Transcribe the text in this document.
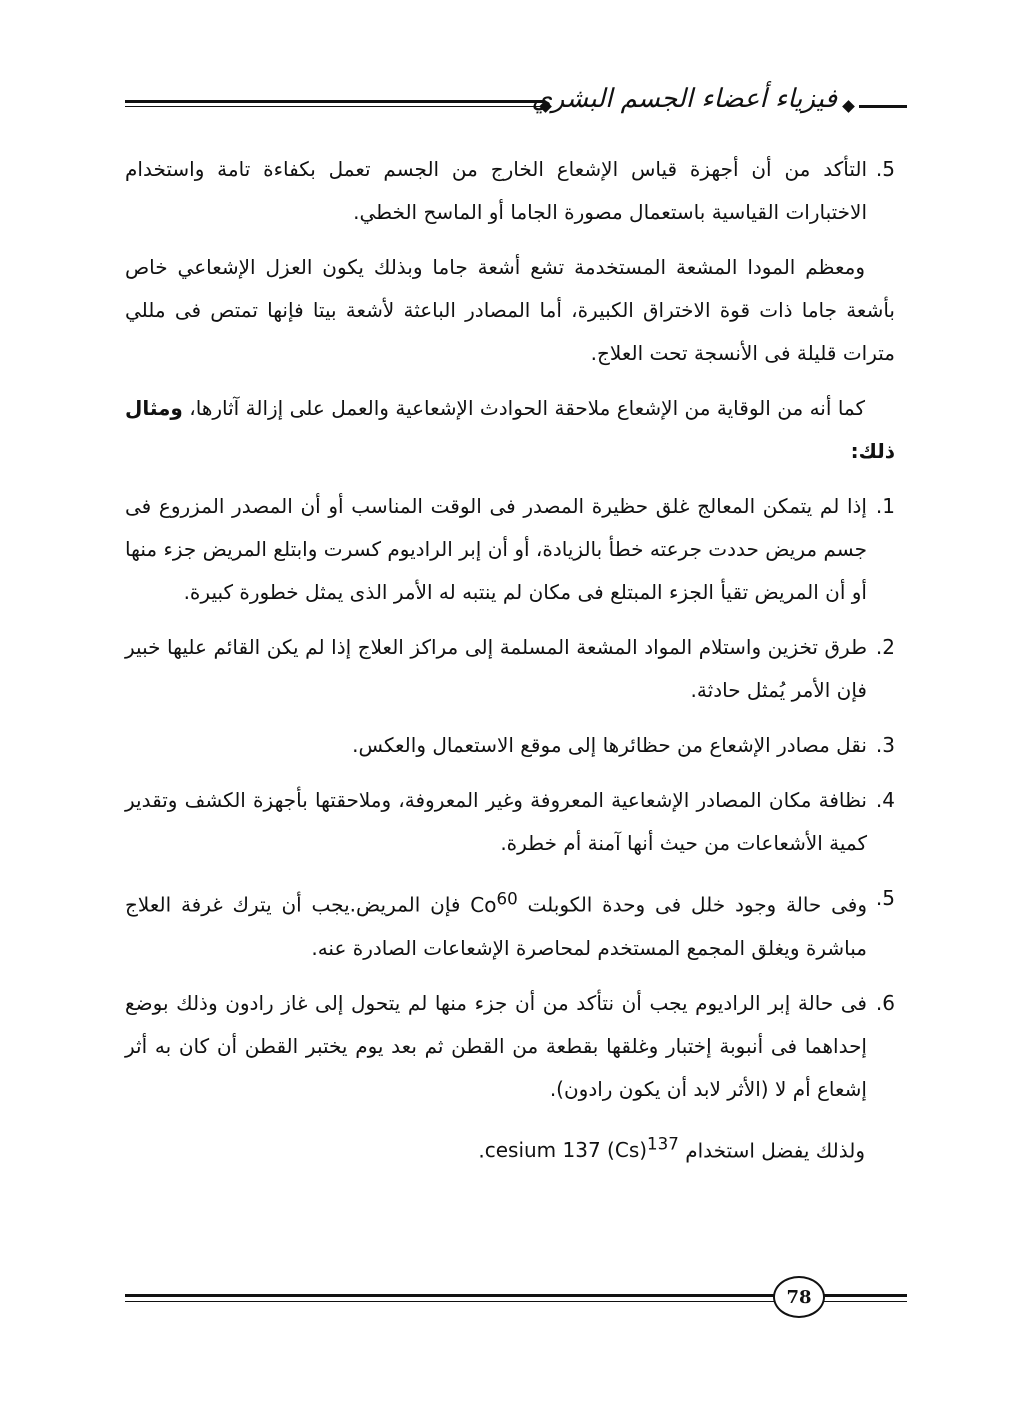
فيزياء أعضاء الجسم البشري
5.
التأكد من أن أجهزة قياس الإشعاع الخارج من الجسم تعمل بكفاءة تامة واستخدام الاختبارات القياسية باستعمال مصورة الجاما أو الماسح الخطي.

ومعظم المودا المشعة المستخدمة تشع أشعة جاما وبذلك يكون العزل الإشعاعي خاص بأشعة جاما ذات قوة الاختراق الكبيرة، أما المصادر الباعثة لأشعة بيتا فإنها تمتص فى مللي مترات قليلة فى الأنسجة تحت العلاج.

كما أنه من الوقاية من الإشعاع ملاحقة الحوادث الإشعاعية والعمل على إزالة آثارها، ومثال ذلك:

1.
إذا لم يتمكن المعالج غلق حظيرة المصدر فى الوقت المناسب أو أن المصدر المزروع فى جسم مريض حددت جرعته خطأ بالزيادة، أو أن إبر الراديوم كسرت وابتلع المريض جزء منها أو أن المريض تقيأ الجزء المبتلع فى مكان لم ينتبه له الأمر الذى يمثل خطورة كبيرة.
2.
طرق تخزين واستلام المواد المشعة المسلمة إلى مراكز العلاج إذا لم يكن القائم عليها خبير فإن الأمر يُمثل حادثة.
3.
نقل مصادر الإشعاع من حظائرها إلى موقع الاستعمال والعكس.
4.
نظافة مكان المصادر الإشعاعية المعروفة وغير المعروفة، وملاحقتها بأجهزة الكشف وتقدير كمية الأشعاعات من حيث أنها آمنة أم خطرة.
5.
وفى حالة وجود خلل فى وحدة الكوبلت Co$^{60}$ فإن المريض.يجب أن يترك غرفة العلاج مباشرة ويغلق المجمع المستخدم لمحاصرة الإشعاعات الصادرة عنه.
6.
فى حالة إبر الراديوم يجب أن نتأكد من أن جزء منها لم يتحول إلى غاز رادون وذلك بوضع إحداهما فى أنبوبة إختبار وغلقها بقطعة من القطن ثم بعد يوم يختبر القطن أن كان به أثر إشعاع أم لا (الأثر لابد أن يكون رادون).

ولذلك يفضل استخدام cesium 137 $(Cs)^{137}$.

78
